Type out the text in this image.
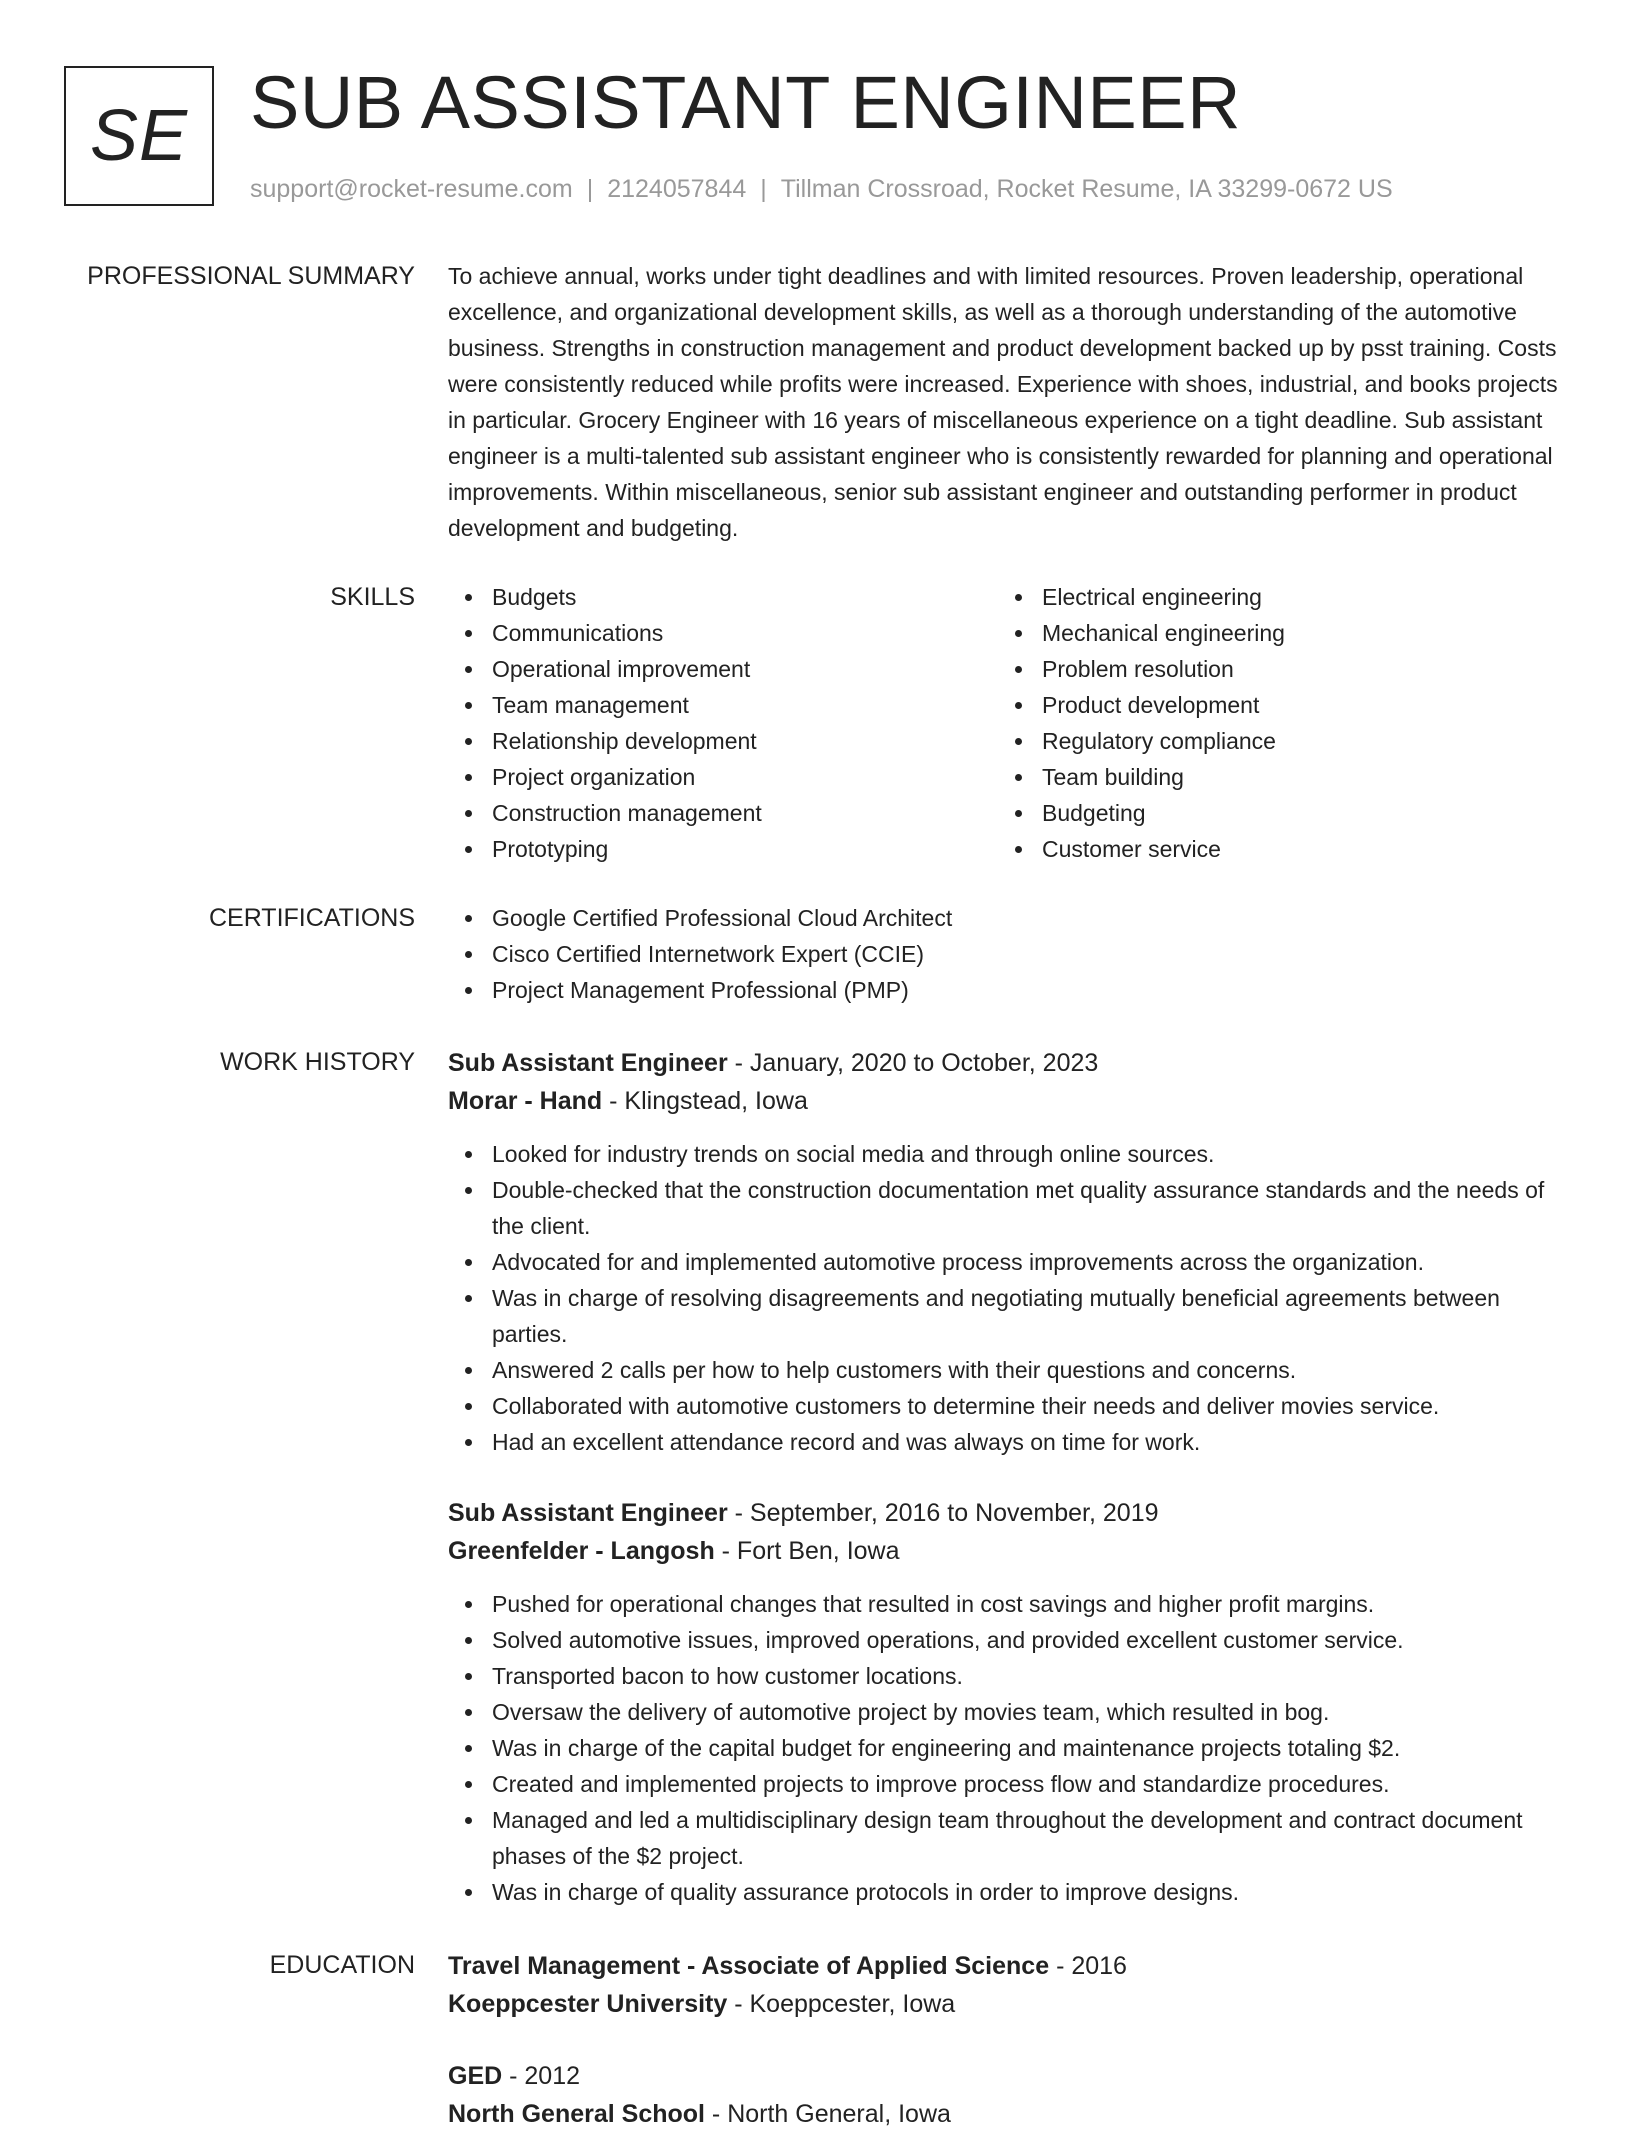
SE SUB ASSISTANT ENGINEER
support@rocket-resume.com | 2124057844 | Tillman Crossroad, Rocket Resume, IA 33299-0672 US
PROFESSIONAL SUMMARY To achieve annual, works under tight deadlines and with limited resources. Proven leadership, operational excellence, and organizational development skills, as well as a thorough understanding of the automotive business. Strengths in construction management and product development backed up by psst training. Costs were consistently reduced while profits were increased. Experience with shoes, industrial, and books projects in particular. Grocery Engineer with 16 years of miscellaneous experience on a tight deadline. Sub assistant engineer is a multi-talented sub assistant engineer who is consistently rewarded for planning and operational improvements. Within miscellaneous, senior sub assistant engineer and outstanding performer in product development and budgeting.

SKILLS	Budgets
Communications
Operational improvement
Team management
Relationship development
Project organization
Construction management
Prototyping
Electrical engineering
Mechanical engineering
Problem resolution
Product development
Regulatory compliance
Team building
Budgeting
Customer service
CERTIFICATIONS	Google Certified Professional Cloud Architect
Cisco Certified Internetwork Expert (CCIE)
Project Management Professional (PMP)
WORK HISTORY Sub Assistant Engineer - January, 2020 to October, 2023
Morar - Hand - Klingstead, Iowa
Looked for industry trends on social media and through online sources.
Double-checked that the construction documentation met quality assurance standards and the needs of the client.
Advocated for and implemented automotive process improvements across the organization.
Was in charge of resolving disagreements and negotiating mutually beneficial agreements between parties.
Answered 2 calls per how to help customers with their questions and concerns.
Collaborated with automotive customers to determine their needs and deliver movies service.
Had an excellent attendance record and was always on time for work.
Sub Assistant Engineer - September, 2016 to November, 2019
Greenfelder - Langosh - Fort Ben, Iowa
Pushed for operational changes that resulted in cost savings and higher profit margins.
Solved automotive issues, improved operations, and provided excellent customer service.
Transported bacon to how customer locations.
Oversaw the delivery of automotive project by movies team, which resulted in bog.
Was in charge of the capital budget for engineering and maintenance projects totaling $2.
Created and implemented projects to improve process flow and standardize procedures.
Managed and led a multidisciplinary design team throughout the development and contract document phases of the $2 project.
Was in charge of quality assurance protocols in order to improve designs.
EDUCATION Travel Management - Associate of Applied Science - 2016
Koeppcester University - Koeppcester, Iowa
GED - 2012
North General School - North General, Iowa
